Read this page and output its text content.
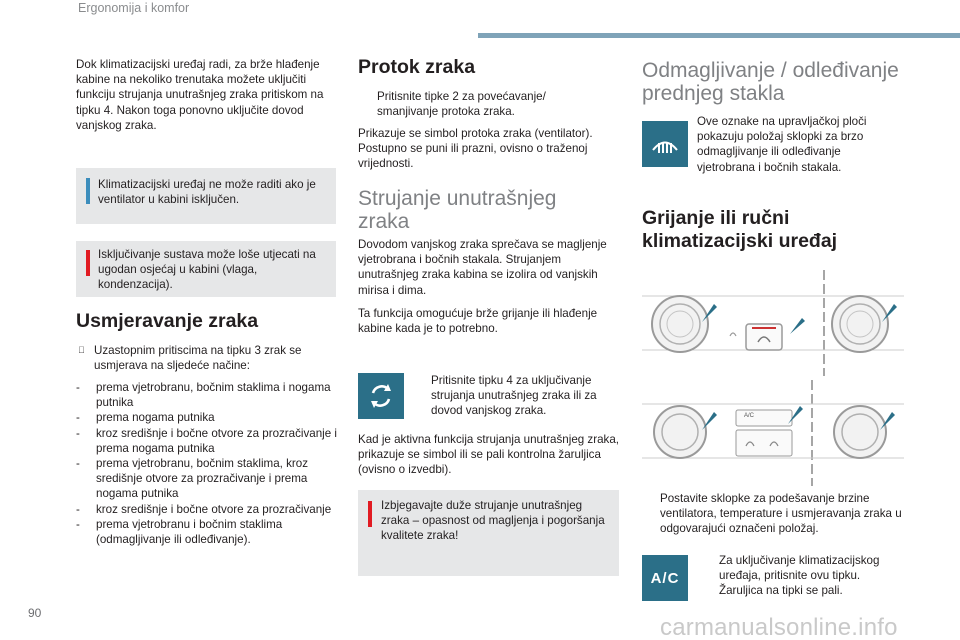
Ergonomija i komfor
Dok klimatizacijski uređaj radi, za brže hlađenje kabine na nekoliko trenutaka možete uključiti funkciju strujanja unutrašnjeg zraka pritiskom na tipku 4. Nakon toga ponovno uključite dovod vanjskog zraka.
Klimatizacijski uređaj ne može raditi ako je ventilator u kabini isključen.
Isključivanje sustava može loše utjecati na ugodan osjećaj u kabini (vlaga, kondenzacija).
Usmjeravanje zraka
Uzastopnim pritiscima na tipku 3 zrak se usmjerava na sljedeće načine:
- prema vjetrobranu, bočnim staklima i nogama putnika
- prema nogama putnika
- kroz središnje i bočne otvore za prozračivanje i prema nogama putnika
- prema vjetrobranu, bočnim staklima, kroz središnje otvore za prozračivanje i prema nogama putnika
- kroz središnje i bočne otvore za prozračivanje
- prema vjetrobranu i bočnim staklima (odmagljivanje ili odleđivanje).
Protok zraka
Pritisnite tipke 2 za povećavanje/ smanjivanje protoka zraka.
Prikazuje se simbol protoka zraka (ventilator). Postupno se puni ili prazni, ovisno o traženoj vrijednosti.
Strujanje unutrašnjeg zraka
Dovodom vanjskog zraka sprečava se magljenje vjetrobrana i bočnih stakala. Strujanjem unutrašnjeg zraka kabina se izolira od vanjskih mirisa i dima.
Ta funkcija omogućuje brže grijanje ili hlađenje kabine kada je to potrebno.
Pritisnite tipku 4 za uključivanje strujanja unutrašnjeg zraka ili za dovod vanjskog zraka.
Kad je aktivna funkcija strujanja unutrašnjeg zraka, prikazuje se simbol ili se pali kontrolna žaruljica (ovisno o izvedbi).
Izbjegavajte duže strujanje unutrašnjeg zraka – opasnost od magljenja i pogoršanja kvalitete zraka!
Odmagljivanje / odleđivanje prednjeg stakla
Ove oznake na upravljačkoj ploči pokazuju položaj sklopki za brzo odmagljivanje ili odleđivanje vjetrobrana i bočnih stakala.
Grijanje ili ručni klimatizacijski uređaj
A/C
Postavite sklopke za podešavanje brzine ventilatora, temperature i usmjeravanja zraka u odgovarajući označeni položaj.
A/C
Za uključivanje klimatizacijskog uređaja, pritisnite ovu tipku. Žaruljica na tipki se pali.
90
carmanualsonline.info
